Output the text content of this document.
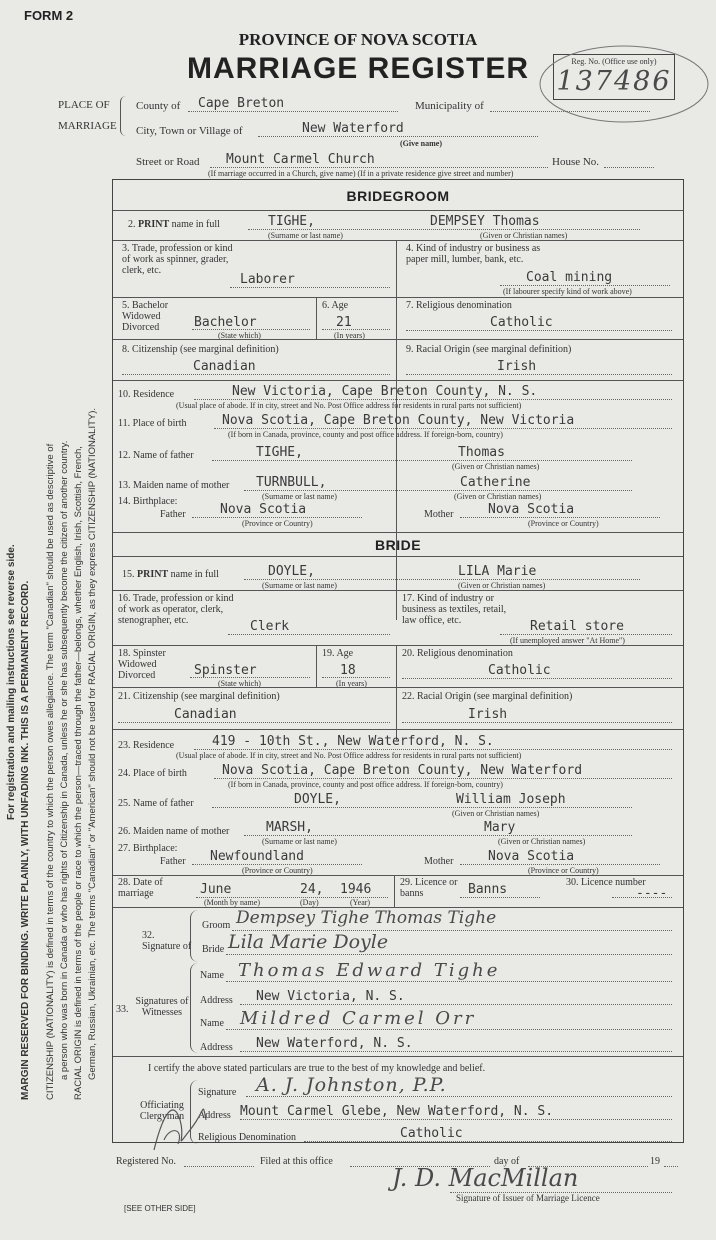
FORM 2
PROVINCE OF NOVA SCOTIA
MARRIAGE REGISTER	Reg. No. (Office use only)
137486
PLACE OF
MARRIAGE
County of Cape Breton	Municipality of
City, Town or Village of	New Waterford
(Give name)
Street or Road Mount Carmel Church	House No.
(If marriage occurred in a Church, give name) (If in a private residence give street and number)
BRIDEGROOM
2. PRINT name in full	TIGHE,	DEMPSEY Thomas
(Surname or last name)	(Given or Christian names)
3. Trade, profession or kind of work as spinner, grader, clerk, etc.
Laborer
4. Kind of industry or business as paper mill, lumber, bank, etc.
Coal mining
(If labourer specify kind of work above)
5. Bachelor Widowed Divorced	Bachelor
(State which)
6. Age
21
(In years)
7. Religious denomination
Catholic
8. Citizenship (see marginal definition)
Canadian
9. Racial Origin (see marginal definition)
Irish
10. Residence	New Victoria, Cape Breton County, N. S.
(Usual place of abode. If in city, street and No. Post Office address for residents in rural parts not sufficient)
11. Place of birth	Nova Scotia, Cape Breton County, New Victoria
(If born in Canada, province, county and post office address. If foreign-born, country)
12. Name of father	TIGHE,	Thomas
(Given or Christian names)
13. Maiden name of mother TURNBULL,	Catherine
(Surname or last name)	(Given or Christian names)
14. Birthplace:
Father	Nova Scotia
(Province or Country)
Mother	Nova Scotia
(Province or Country)
BRIDE
15. PRINT name in full	DOYLE,	LILA Marie
(Surname or last name)	(Given or Christian names)
16. Trade, profession or kind of work as operator, clerk, stenographer, etc.	Clerk
17. Kind of industry or business as textiles, retail, law office, etc.	Retail store
(If unemployed answer "At Home")
18. Spinster Widowed Divorced	Spinster
(State which)
19. Age
18
(In years)
20. Religious denomination
Catholic
21. Citizenship (see marginal definition)
Canadian
22. Racial Origin (see marginal definition)
Irish
23. Residence	419 - 10th St., New Waterford, N. S.
(Usual place of abode. If in city, street and No. Post Office address for residents in rural parts not sufficient)
24. Place of birth	Nova Scotia, Cape Breton County, New Waterford
(If born in Canada, province, county and post office address. If foreign-born, country)
25. Name of father	DOYLE,	William Joseph
(Given or Christian names)
26. Maiden name of mother	MARSH,	Mary
(Surname or last name)	(Given or Christian names)
27. Birthplace:
Father Newfoundland
(Province or Country)
Mother	Nova Scotia
(Province or Country)
28. Date of marriage	June	24, 1946
(Month by name)	(Day)	(Year)
29. Licence or banns	Banns	30. Licence number
----
32. Signature of
Groom Dempsey Tighe Thomas Tighe
Bride Lila Marie Doyle
Signatures of Witnesses
33.
Name Thomas Edward Tighe
Address New Victoria, N. S.
Name Mildred Carmel Orr
Address New Waterford, N. S.
I certify the above stated particulars are true to the best of my knowledge and belief.
Officiating Clergyman
Signature A. J. Johnston, P.P.
Address Mount Carmel Glebe, New Waterford, N. S.
Religious Denomination	Catholic
Registered No.	Filed at this office	day of	19
J. D. MacMillan
Signature of Issuer of Marriage Licence
[SEE OTHER SIDE]
For registration and mailing instructions see reverse side. MARGIN RESERVED FOR BINDING. WRITE PLAINLY, WITH UNFADING INK. THIS IS A PERMANENT RECORD. CITIZENSHIP (NATIONALITY) is defined in terms of the country to which the person owes allegiance. The term "Canadian" should be used as descriptive of a person who was born in Canada or who has rights of Citizenship in Canada, unless he or she has subsequently become the citizen of another country. RACIAL ORIGIN is defined in terms of the people or race to which the person—traced through the father—belongs, whether English, Irish, Scottish, French, German, Russian, Ukrainian, etc. The terms "Canadian" or "American" should not be used for RACIAL ORIGIN, as they express CITIZENSHIP (NATIONALITY).
